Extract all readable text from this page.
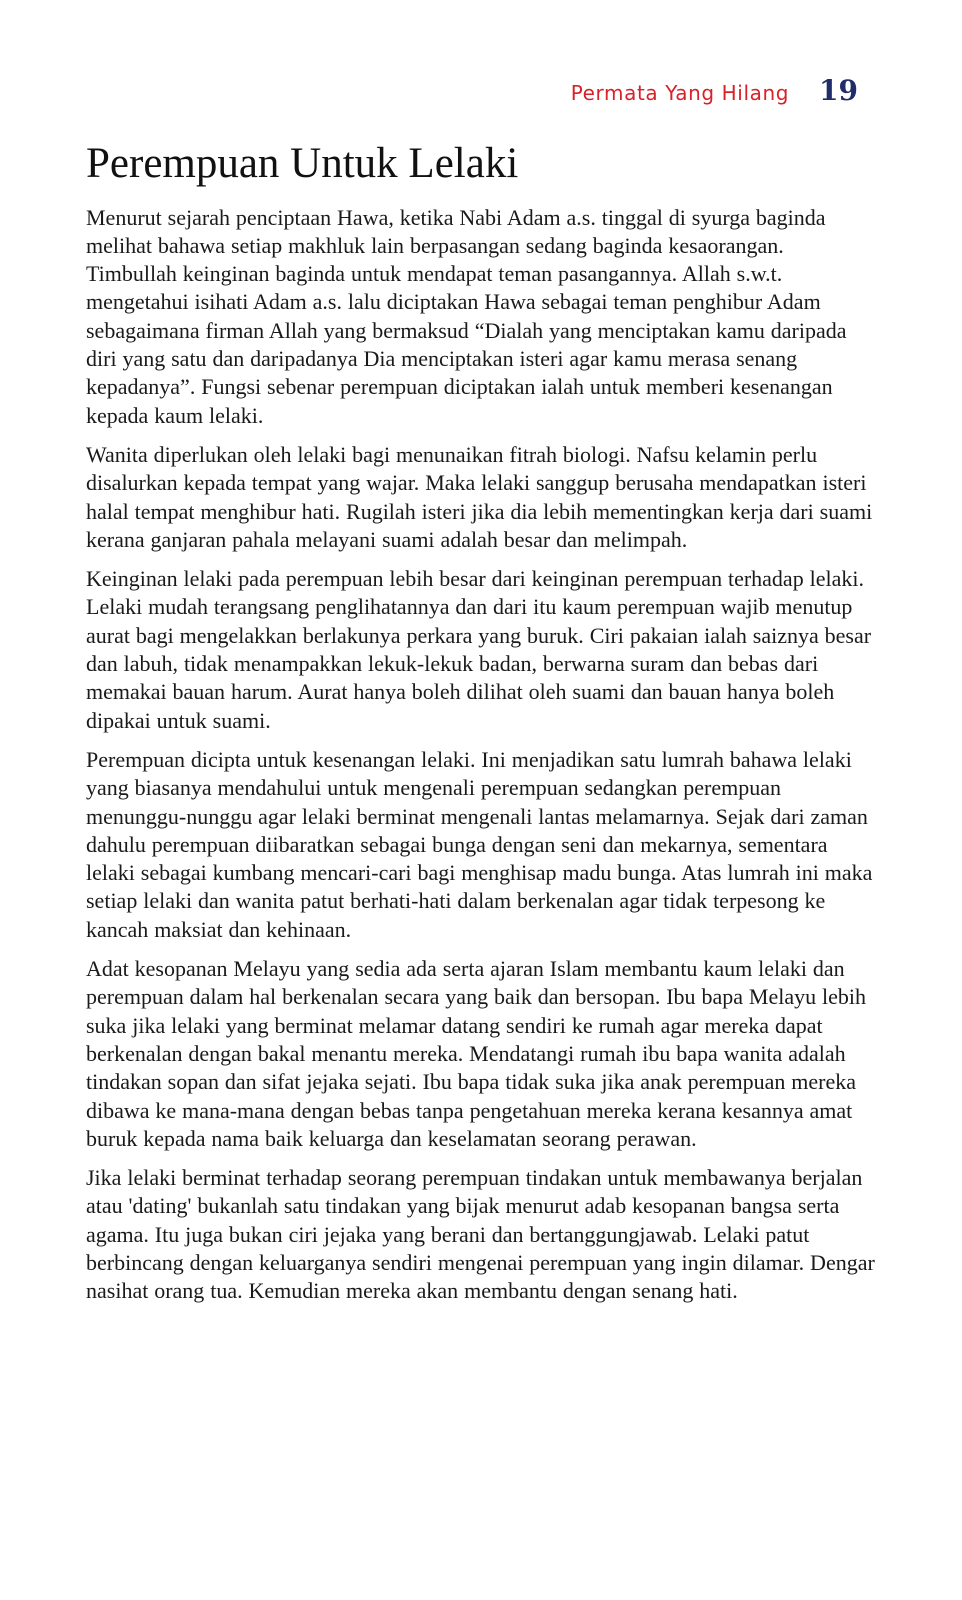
Permata Yang Hilang 19
Perempuan Untuk Lelaki

Menurut sejarah penciptaan Hawa, ketika Nabi Adam a.s. tinggal di syurga baginda melihat bahawa setiap makhluk lain berpasangan sedang baginda kesaorangan. Timbullah keinginan baginda untuk mendapat teman pasangannya. Allah s.w.t. mengetahui isihati Adam a.s. lalu diciptakan Hawa sebagai teman penghibur Adam sebagaimana firman Allah yang bermaksud “Dialah yang menciptakan kamu daripada diri yang satu dan daripadanya Dia menciptakan isteri agar kamu merasa senang kepadanya”. Fungsi sebenar perempuan diciptakan ialah untuk memberi kesenangan kepada kaum lelaki.

Wanita diperlukan oleh lelaki bagi menunaikan fitrah biologi. Nafsu kelamin perlu disalurkan kepada tempat yang wajar. Maka lelaki sanggup berusaha mendapatkan isteri halal tempat menghibur hati. Rugilah isteri jika dia lebih mementingkan kerja dari suami kerana ganjaran pahala melayani suami adalah besar dan melimpah.

Keinginan lelaki pada perempuan lebih besar dari keinginan perempuan terhadap lelaki. Lelaki mudah terangsang penglihatannya dan dari itu kaum perempuan wajib menutup aurat bagi mengelakkan berlakunya perkara yang buruk. Ciri pakaian ialah saiznya besar dan labuh, tidak menampakkan lekuk-lekuk badan, berwarna suram dan bebas dari memakai bauan harum. Aurat hanya boleh dilihat oleh suami dan bauan hanya boleh dipakai untuk suami.

Perempuan dicipta untuk kesenangan lelaki. Ini menjadikan satu lumrah bahawa lelaki yang biasanya mendahului untuk mengenali perempuan sedangkan perempuan menunggu-nunggu agar lelaki berminat mengenali lantas melamarnya. Sejak dari zaman dahulu perempuan diibaratkan sebagai bunga dengan seni dan mekarnya, sementara lelaki sebagai kumbang mencari-cari bagi menghisap madu bunga. Atas lumrah ini maka setiap lelaki dan wanita patut berhati-hati dalam berkenalan agar tidak terpesong ke kancah maksiat dan kehinaan.

Adat kesopanan Melayu yang sedia ada serta ajaran Islam membantu kaum lelaki dan perempuan dalam hal berkenalan secara yang baik dan bersopan. Ibu bapa Melayu lebih suka jika lelaki yang berminat melamar datang sendiri ke rumah agar mereka dapat berkenalan dengan bakal menantu mereka. Mendatangi rumah ibu bapa wanita adalah tindakan sopan dan sifat jejaka sejati. Ibu bapa tidak suka jika anak perempuan mereka dibawa ke mana-mana dengan bebas tanpa pengetahuan mereka kerana kesannya amat buruk kepada nama baik keluarga dan keselamatan seorang perawan.

Jika lelaki berminat terhadap seorang perempuan tindakan untuk membawanya berjalan atau 'dating' bukanlah satu tindakan yang bijak menurut adab kesopanan bangsa serta agama. Itu juga bukan ciri jejaka yang berani dan bertanggungjawab. Lelaki patut berbincang dengan keluarganya sendiri mengenai perempuan yang ingin dilamar. Dengar nasihat orang tua. Kemudian mereka akan membantu dengan senang hati.
